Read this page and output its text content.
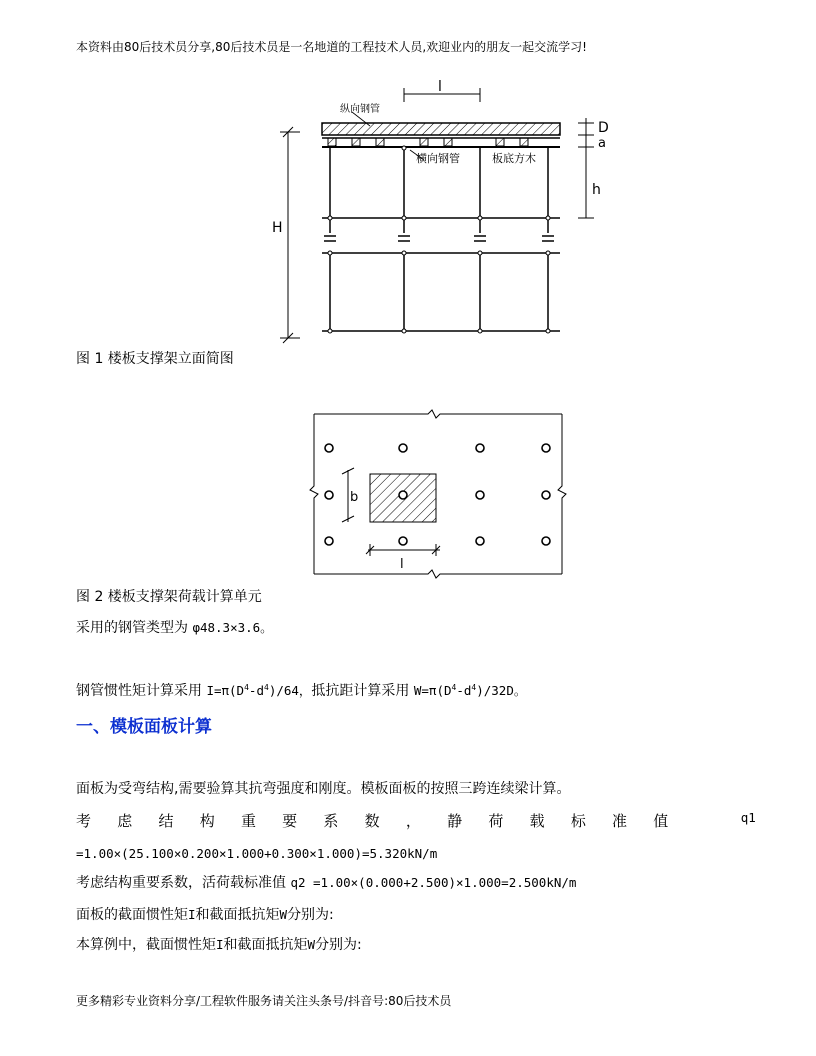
本资料由80后技术员分享,80后技术员是一名地道的工程技术人员,欢迎业内的朋友一起交流学习!
l
H
D
a
h
纵向钢管
横向钢管	板底方木
图 1 楼板支撑架立面简图
b
l
图 2 楼板支撑架荷载计算单元
采用的钢管类型为 φ48.3×3.6。
钢管惯性矩计算采用 $I=\pi(D^4-d^4)/64$，抵抗距计算采用 $W=\pi(D^4-d^4)/32D$。
一、模板面板计算
面板为受弯结构,需要验算其抗弯强度和刚度。模板面板的按照三跨连续梁计算。
考 虑 结 构 重 要 系 数 ， 静 荷 载 标 准 值	q1
=1.00×(25.100×0.200×1.000+0.300×1.000)=5.320kN/m
考虑结构重要系数，活荷载标准值 q2 =1.00×(0.000+2.500)×1.000=2.500kN/m
面板的截面惯性矩I和截面抵抗矩W分别为:
本算例中，截面惯性矩I和截面抵抗矩W分别为:
更多精彩专业资料分享/工程软件服务请关注头条号/抖音号:80后技术员
